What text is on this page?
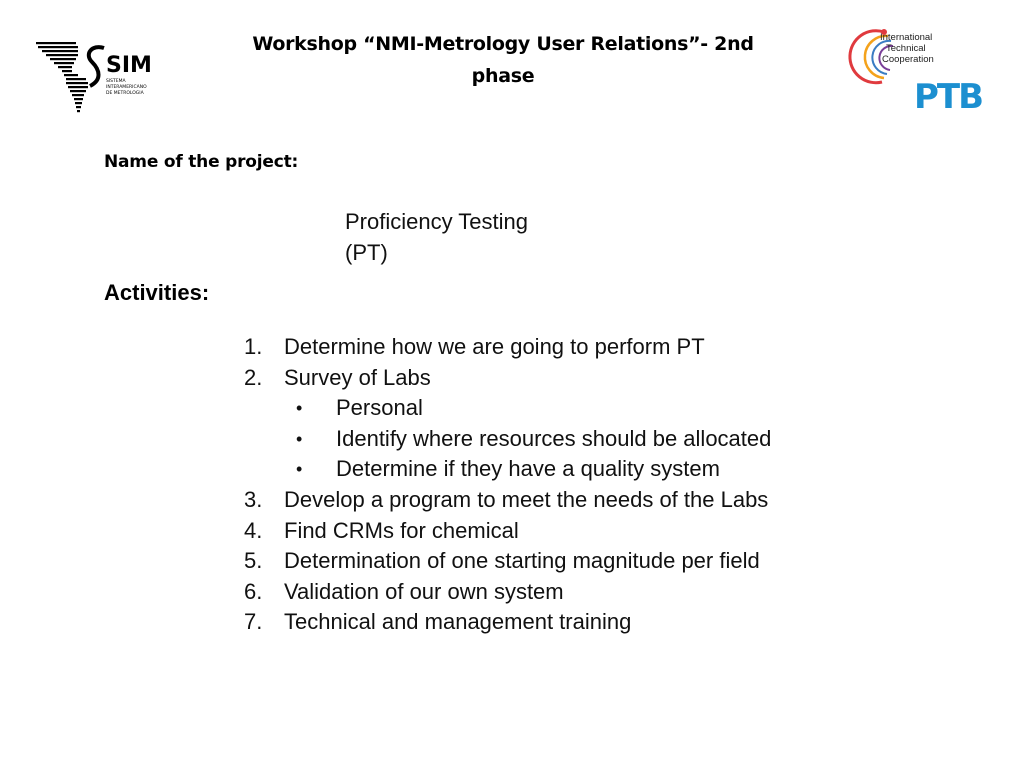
SIM
SISTEMA
INTERAMERICANO
DE METROLOGIA
Workshop “NMI-Metrology User Relations”- 2nd
phase
International
Technical
Cooperation
PTB
Name of the project:
Proficiency Testing
(PT)
Activities:
1. Determine how we are going to perform PT
2. Survey of Labs
•	Personal
•	Identify where resources should be allocated
•	Determine if they have a quality system
3. Develop a program to meet the needs of the Labs
4. Find CRMs for chemical
5. Determination of one starting magnitude per field
6. Validation of our own system
7. Technical and management training
